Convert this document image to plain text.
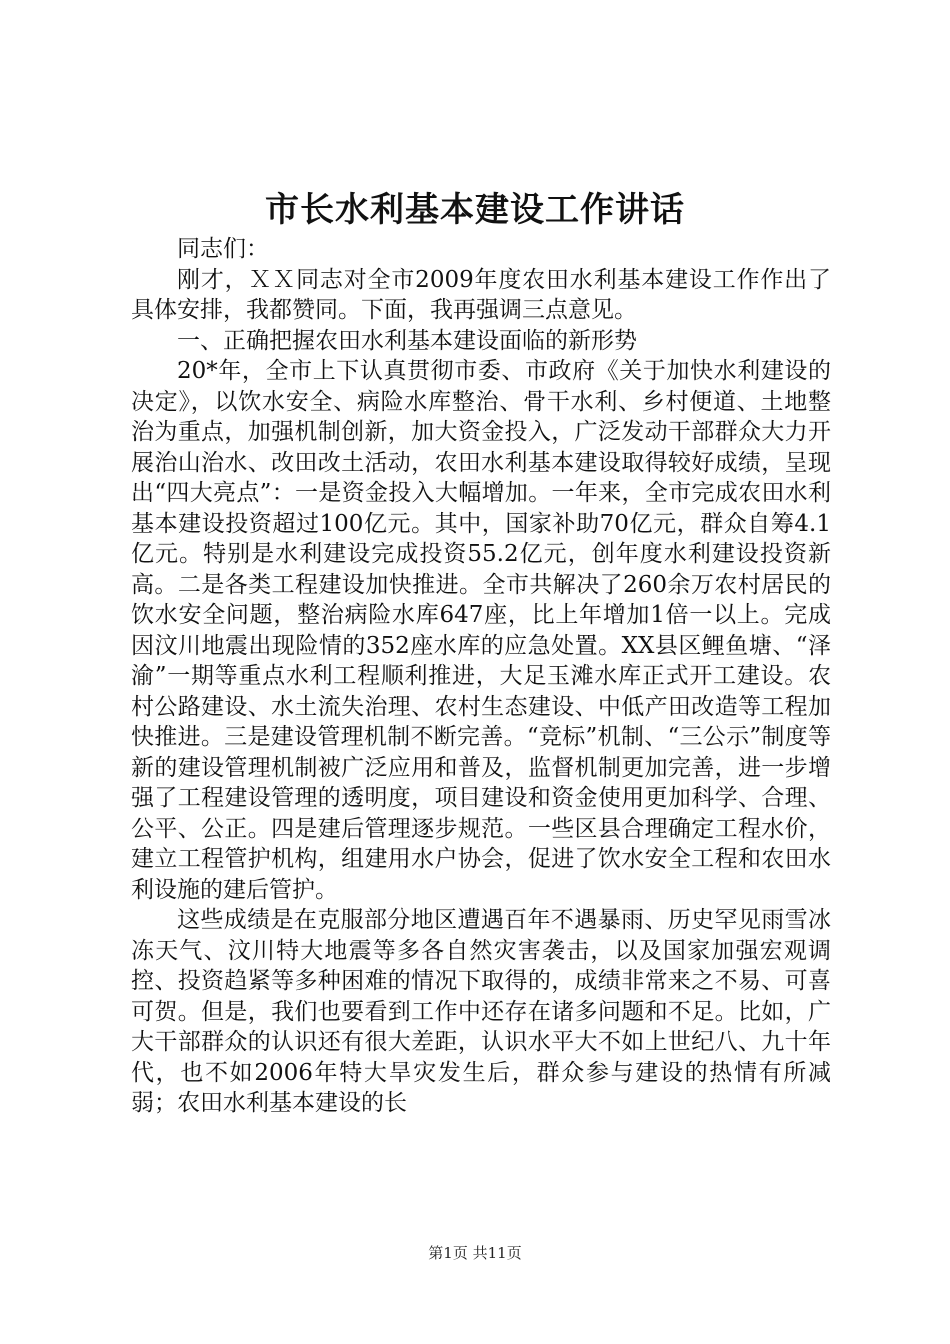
市长水利基本建设工作讲话

同志们：

刚才，ＸＸ同志对全市2009年度农田水利基本建设工作作出了具体安排，我都赞同。下面，我再强调三点意见。

一、正确把握农田水利基本建设面临的新形势

20*年，全市上下认真贯彻市委、市政府《关于加快水利建设的决定》，以饮水安全、病险水库整治、骨干水利、乡村便道、土地整治为重点，加强机制创新，加大资金投入，广泛发动干部群众大力开展治山治水、改田改土活动，农田水利基本建设取得较好成绩，呈现出“四大亮点”：一是资金投入大幅增加。一年来，全市完成农田水利基本建设投资超过100亿元。其中，国家补助70亿元，群众自筹4.1亿元。特别是水利建设完成投资55.2亿元，创年度水利建设投资新高。二是各类工程建设加快推进。全市共解决了260余万农村居民的饮水安全问题，整治病险水库647座，比上年增加1倍一以上。完成因汶川地震出现险情的352座水库的应急处置。XX县区鲤鱼塘、“泽渝”一期等重点水利工程顺利推进，大足玉滩水库正式开工建设。农村公路建设、水土流失治理、农村生态建设、中低产田改造等工程加快推进。三是建设管理机制不断完善。“竞标”机制、“三公示”制度等新的建设管理机制被广泛应用和普及，监督机制更加完善，进一步增强了工程建设管理的透明度，项目建设和资金使用更加科学、合理、公平、公正。四是建后管理逐步规范。一些区县合理确定工程水价，建立工程管护机构，组建用水户协会，促进了饮水安全工程和农田水利设施的建后管护。

这些成绩是在克服部分地区遭遇百年不遇暴雨、历史罕见雨雪冰冻天气、汶川特大地震等多各自然灾害袭击，以及国家加强宏观调控、投资趋紧等多种困难的情况下取得的，成绩非常来之不易、可喜可贺。但是，我们也要看到工作中还存在诸多问题和不足。比如，广大干部群众的认识还有很大差距，认识水平大不如上世纪八、九十年代，也不如2006年特大旱灾发生后，群众参与建设的热情有所减弱；农田水利基本建设的长

第1页 共11页
